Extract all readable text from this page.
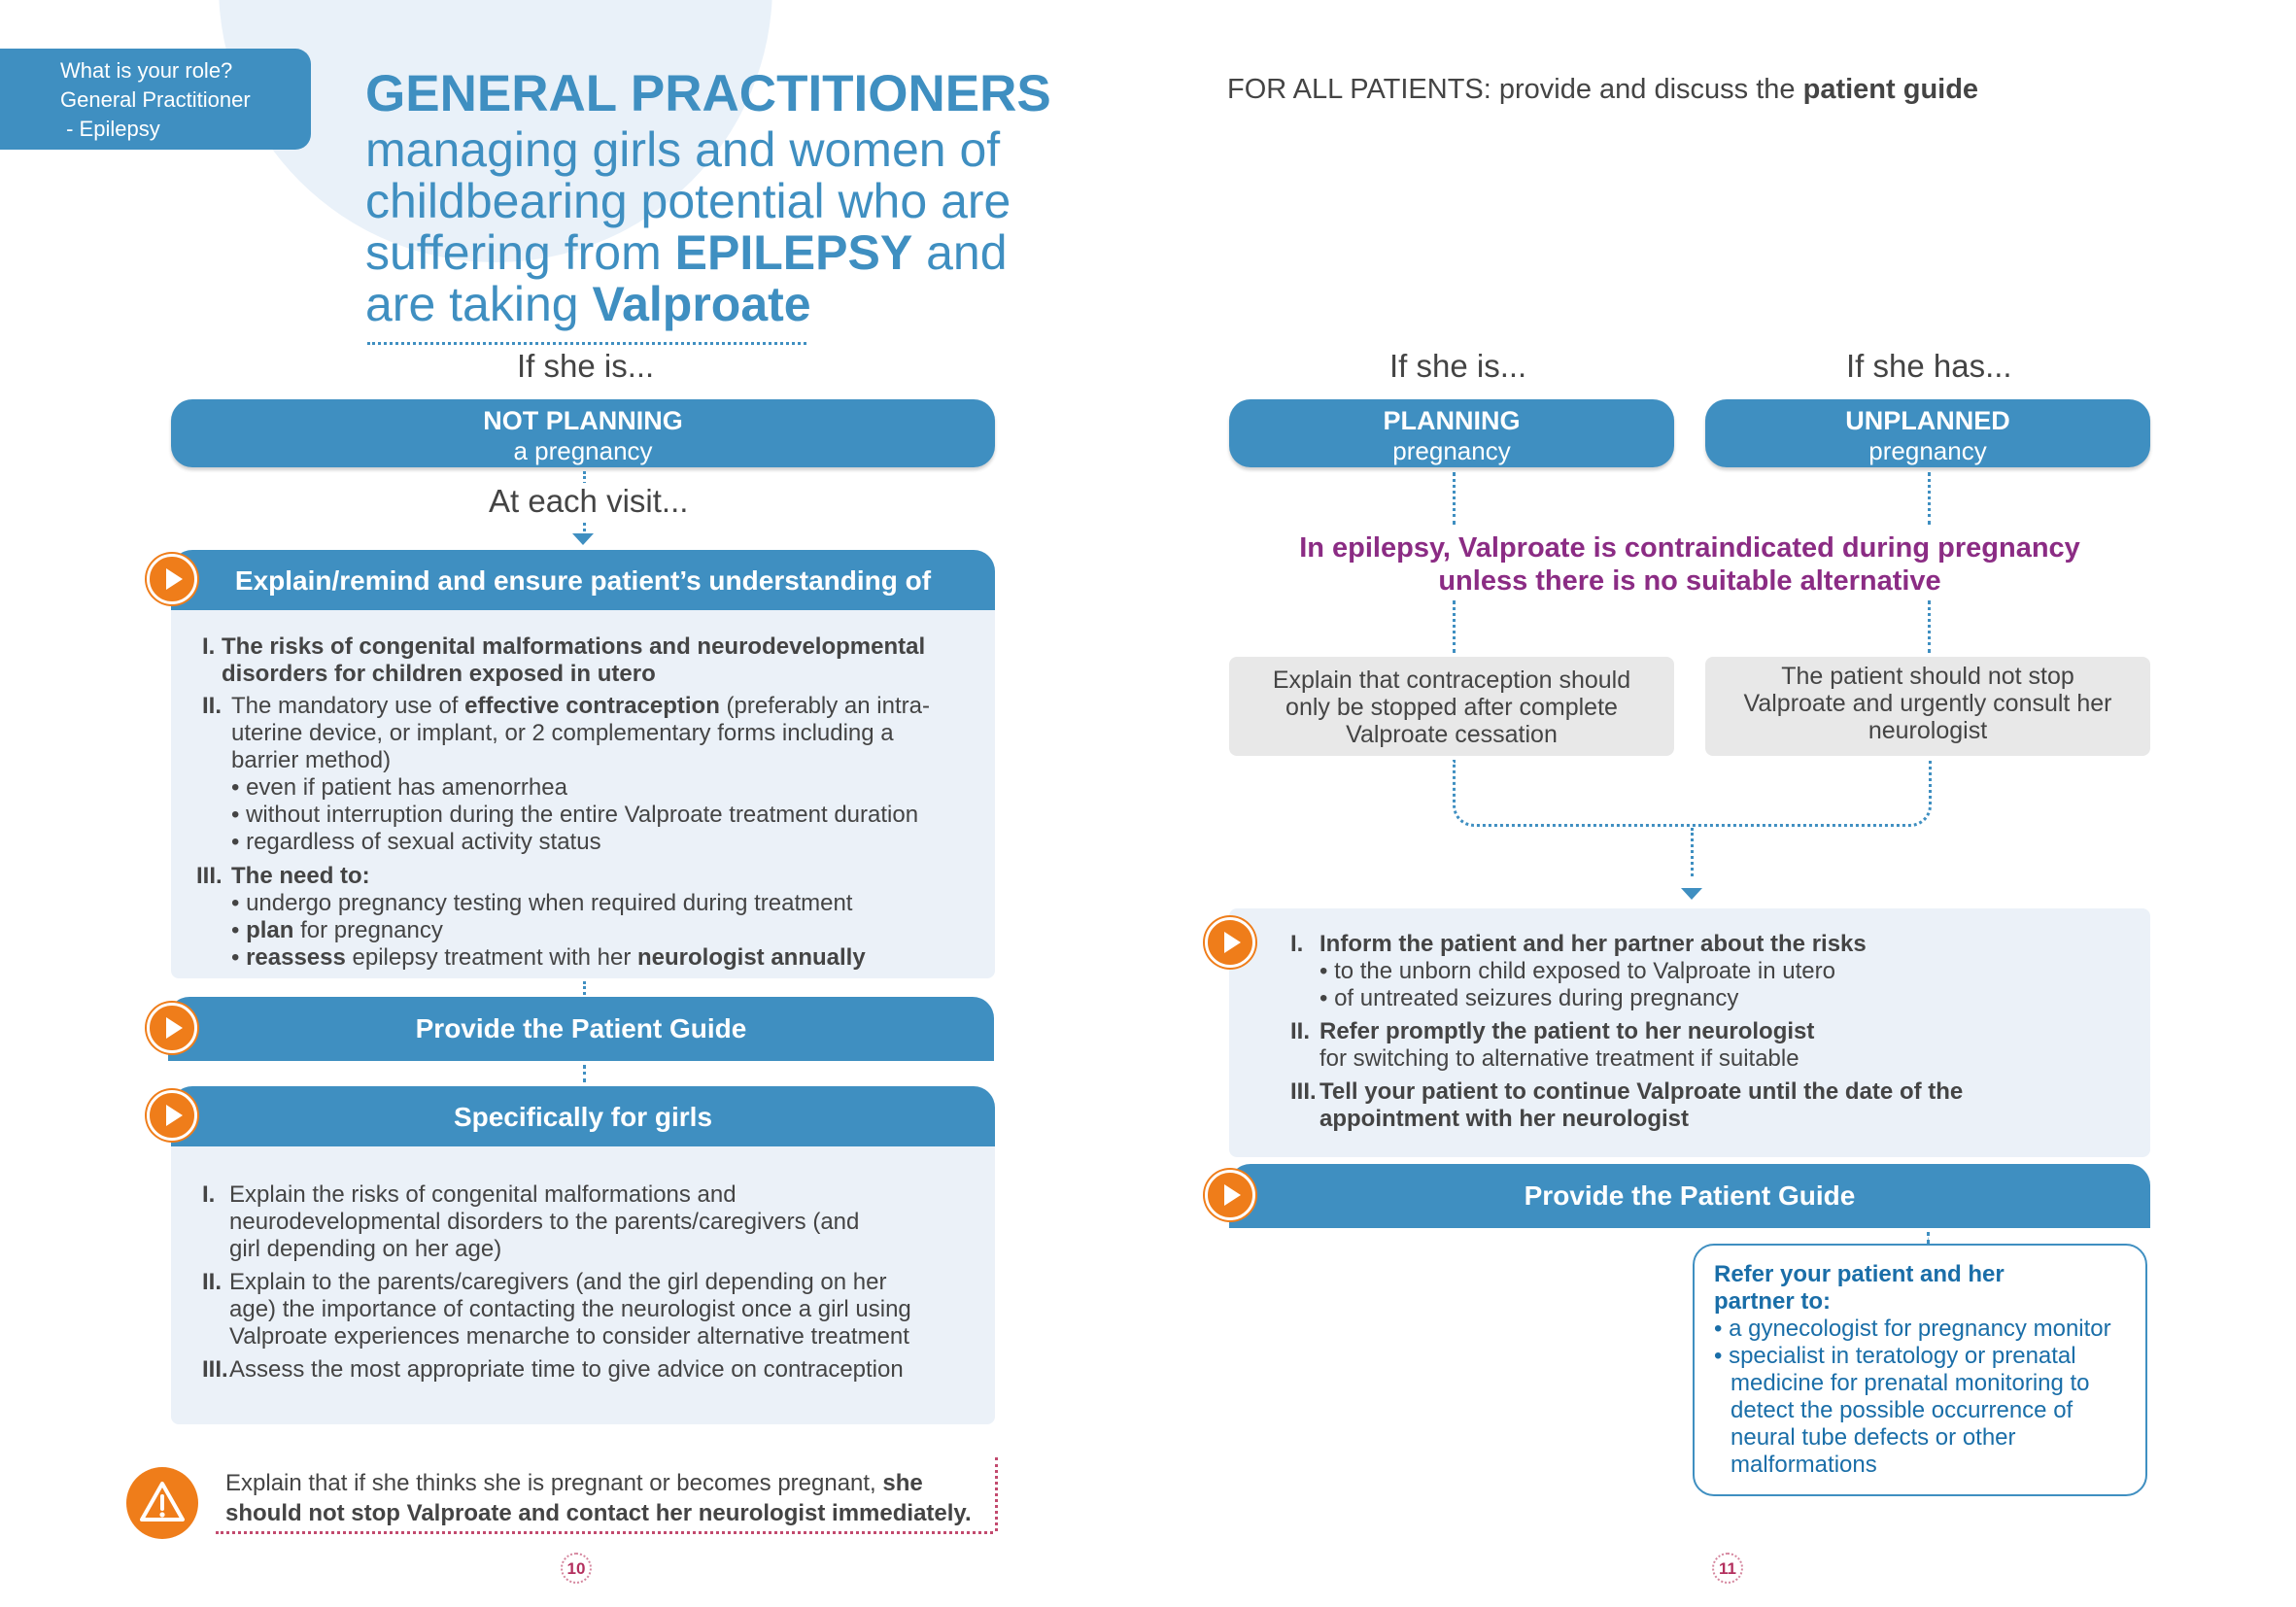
What is your role?
General Practitioner
- Epilepsy
GENERAL PRACTITIONERS
managing girls and women of
childbearing potential who are
suffering from EPILEPSY and
are taking Valproate
If she is...
NOT PLANNING
a pregnancy
At each visit...
Explain/remind and ensure patient’s understanding of
I. The risks of congenital malformations and neurodevelopmental
disorders for children exposed in utero
II. The mandatory use of effective contraception (preferably an intra-
uterine device, or implant, or 2 complementary forms including a
barrier method)
• even if patient has amenorrhea
• without interruption during the entire Valproate treatment duration
• regardless of sexual activity status
III. The need to:
• undergo pregnancy testing when required during treatment
• plan for pregnancy
• reassess epilepsy treatment with her neurologist annually
Provide the Patient Guide
Specifically for girls
I. Explain the risks of congenital malformations and
neurodevelopmental disorders to the parents/caregivers (and
girl depending on her age)
II. Explain to the parents/caregivers (and the girl depending on her
age) the importance of contacting the neurologist once a girl using
Valproate experiences menarche to consider alternative treatment
III. Assess the most appropriate time to give advice on contraception
Explain that if she thinks she is pregnant or becomes pregnant, she
should not stop Valproate and contact her neurologist immediately.
10
FOR ALL PATIENTS: provide and discuss the patient guide
If she is...	If she has...
PLANNING
pregnancy
UNPLANNED
pregnancy
In epilepsy, Valproate is contraindicated during pregnancy
unless there is no suitable alternative
Explain that contraception should
only be stopped after complete
Valproate cessation
The patient should not stop
Valproate and urgently consult her
neurologist
I. Inform the patient and her partner about the risks
• to the unborn child exposed to Valproate in utero
• of untreated seizures during pregnancy
II. Refer promptly the patient to her neurologist
for switching to alternative treatment if suitable
III. Tell your patient to continue Valproate until the date of the
appointment with her neurologist
Provide the Patient Guide
Refer your patient and her
partner to:
• a gynecologist for pregnancy monitor
• specialist in teratology or prenatal
medicine for prenatal monitoring to
detect the possible occurrence of
neural tube defects or other
malformations
11
